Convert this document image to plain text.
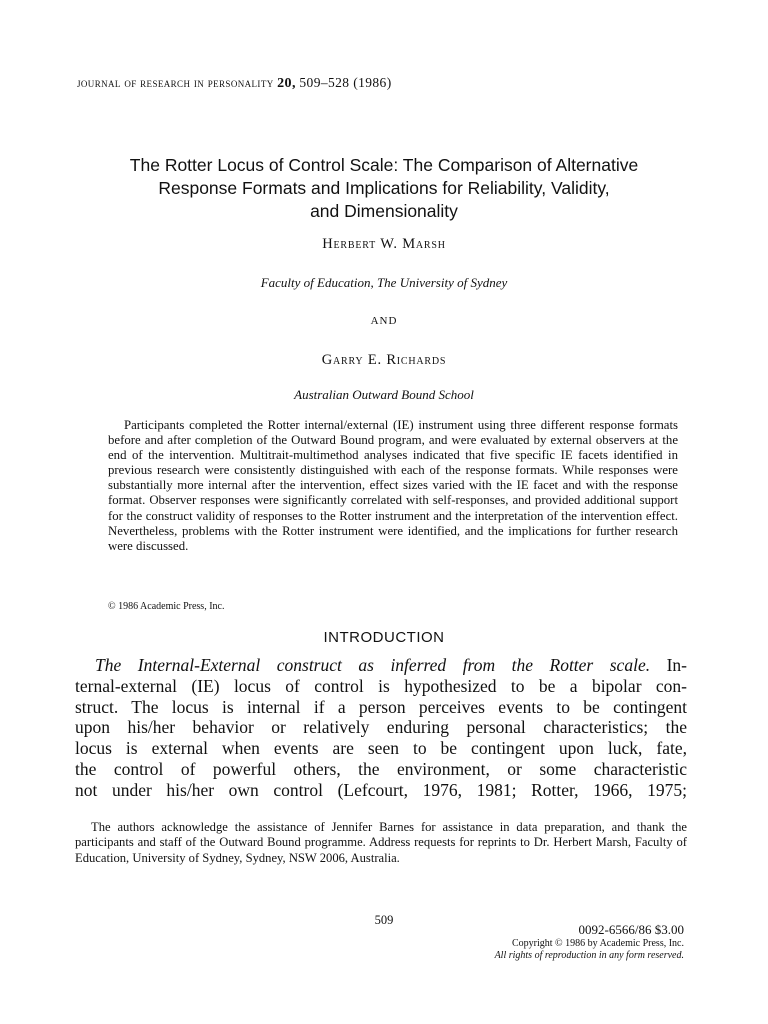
journal of research in personality 20, 509–528 (1986)
The Rotter Locus of Control Scale: The Comparison of Alternative
Response Formats and Implications for Reliability, Validity,
and Dimensionality
Herbert W. Marsh
Faculty of Education, The University of Sydney
AND
Garry E. Richards
Australian Outward Bound School
Participants completed the Rotter internal/external (IE) instrument using three different response formats before and after completion of the Outward Bound program, and were evaluated by external observers at the end of the intervention. Multitrait-multimethod analyses indicated that five specific IE facets identified in previous research were consistently distinguished with each of the response formats. While responses were substantially more internal after the intervention, effect sizes varied with the IE facet and with the response format. Observer responses were significantly correlated with self-responses, and provided additional support for the construct validity of responses to the Rotter instrument and the interpretation of the intervention effect. Nevertheless, problems with the Rotter instrument were identified, and the implications for further research were discussed.
© 1986 Academic Press, Inc.
INTRODUCTION
The Internal-External construct as inferred from the Rotter scale. In-
ternal-external (IE) locus of control is hypothesized to be a bipolar con-
struct. The locus is internal if a person perceives events to be contingent
upon his/her behavior or relatively enduring personal characteristics; the
locus is external when events are seen to be contingent upon luck, fate,
the control of powerful others, the environment, or some characteristic
not under his/her own control (Lefcourt, 1976, 1981; Rotter, 1966, 1975;
The authors acknowledge the assistance of Jennifer Barnes for assistance in data preparation, and thank the participants and staff of the Outward Bound programme. Address requests for reprints to Dr. Herbert Marsh, Faculty of Education, University of Sydney, Sydney, NSW 2006, Australia.
509
0092-6566/86 $3.00
Copyright © 1986 by Academic Press, Inc.
All rights of reproduction in any form reserved.
